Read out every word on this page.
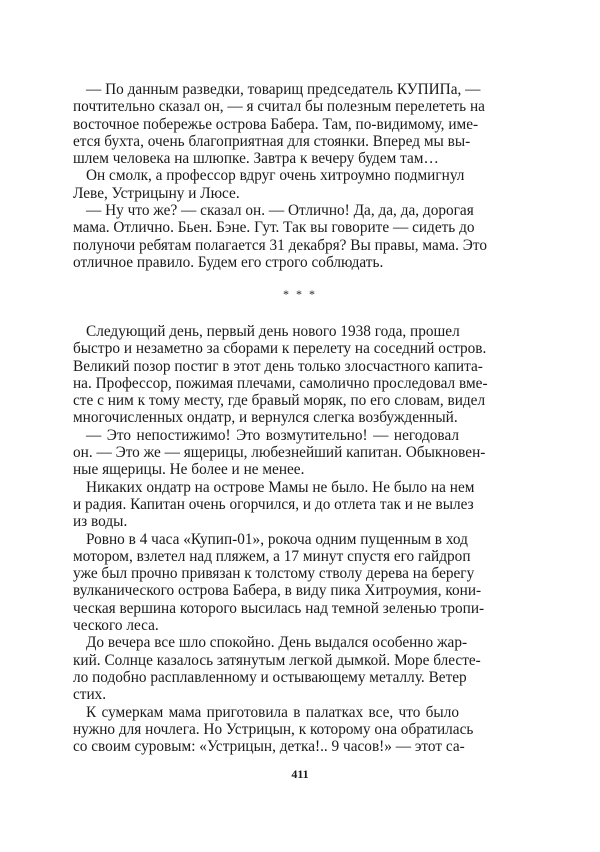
— По данным разведки, товарищ председатель КУПИПа, —
почтительно сказал он, — я считал бы полезным перелететь на
восточное побережье острова Бабера. Там, по-видимому, име-
ется бухта, очень благоприятная для стоянки. Вперед мы вы-
шлем человека на шлюпке. Завтра к вечеру будем там…
Он смолк, а профессор вдруг очень хитроумно подмигнул
Леве, Устрицыну и Люсе.
— Ну что же? — сказал он. — Отлично! Да, да, да, дорогая
мама. Отлично. Бьен. Бэне. Гут. Так вы говорите — сидеть до
полуночи ребятам полагается 31 декабря? Вы правы, мама. Это
отличное правило. Будем его строго соблюдать.
* * *
Следующий день, первый день нового 1938 года, прошел
быстро и незаметно за сборами к перелету на соседний остров.
Великий позор постиг в этот день только злосчастного капита-
на. Профессор, пожимая плечами, самолично проследовал вме-
сте с ним к тому месту, где бравый моряк, по его словам, видел
многочисленных ондатр, и вернулся слегка возбужденный.
— Это непостижимо! Это возмутительно! — негодовал
он. — Это же — ящерицы, любезнейший капитан. Обыкновен-
ные ящерицы. Не более и не менее.
Никаких ондатр на острове Мамы не было. Не было на нем
и радия. Капитан очень огорчился, и до отлета так и не вылез
из воды.
Ровно в 4 часа «Купип-01», рокоча одним пущенным в ход
мотором, взлетел над пляжем, а 17 минут спустя его гайдроп
уже был прочно привязан к толстому стволу дерева на берегу
вулканического острова Бабера, в виду пика Хитроумия, кони-
ческая вершина которого высилась над темной зеленью тропи-
ческого леса.
До вечера все шло спокойно. День выдался особенно жар-
кий. Солнце казалось затянутым легкой дымкой. Море блесте-
ло подобно расплавленному и остывающему металлу. Ветер
стих.
К сумеркам мама приготовила в палатках все, что было
нужно для ночлега. Но Устрицын, к которому она обратилась
со своим суровым: «Устрицын, детка!.. 9 часов!» — этот са-
411
